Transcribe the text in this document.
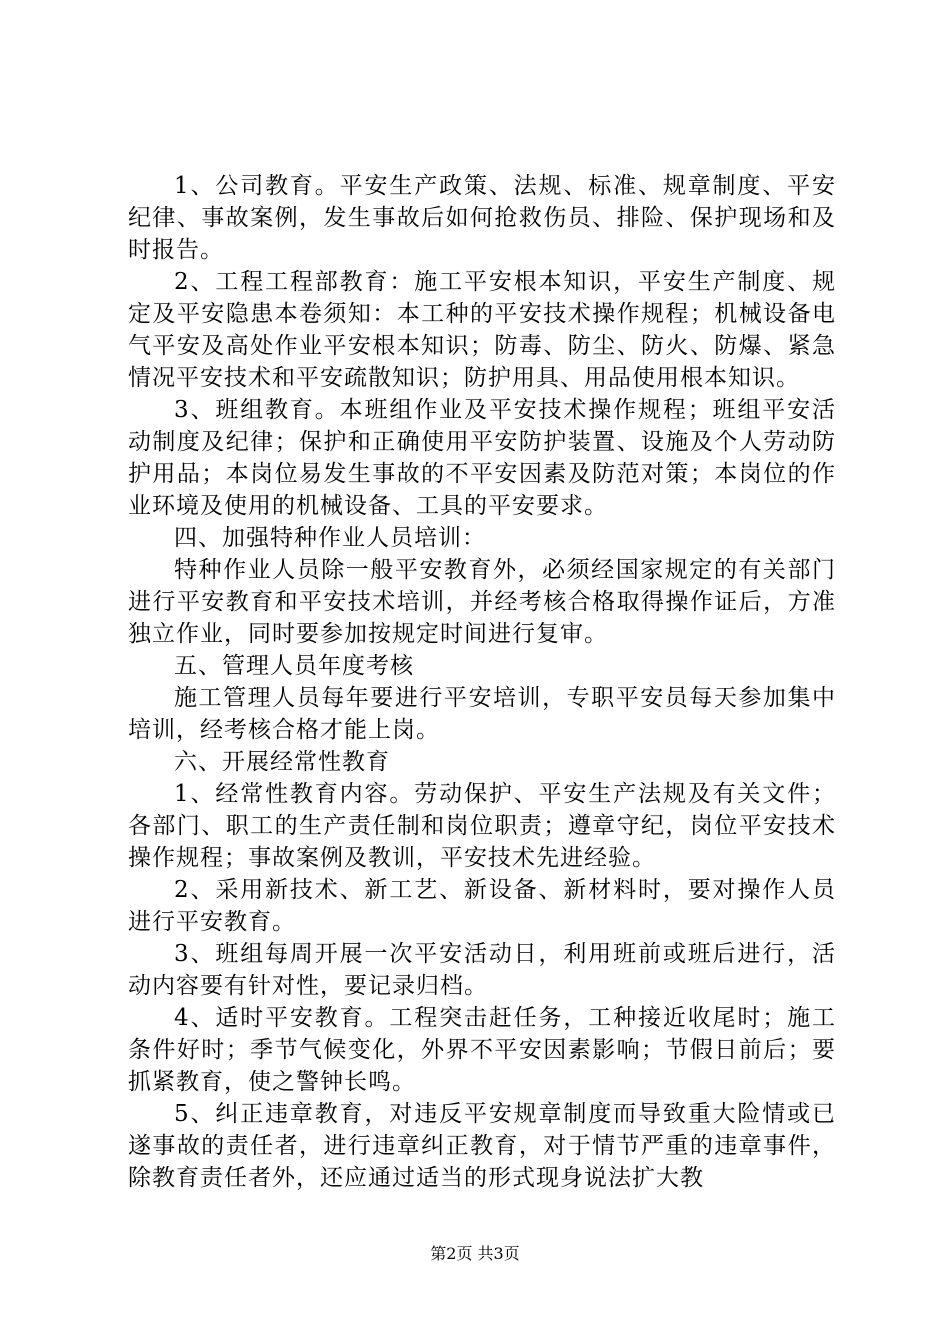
1、公司教育。平安生产政策、法规、标准、规章制度、平安纪律、事故案例，发生事故后如何抢救伤员、排险、保护现场和及时报告。

2、工程工程部教育：施工平安根本知识，平安生产制度、规定及平安隐患本卷须知：本工种的平安技术操作规程；机械设备电气平安及高处作业平安根本知识；防毒、防尘、防火、防爆、紧急情况平安技术和平安疏散知识；防护用具、用品使用根本知识。

3、班组教育。本班组作业及平安技术操作规程；班组平安活动制度及纪律；保护和正确使用平安防护装置、设施及个人劳动防护用品；本岗位易发生事故的不平安因素及防范对策；本岗位的作业环境及使用的机械设备、工具的平安要求。

四、加强特种作业人员培训：

特种作业人员除一般平安教育外，必须经国家规定的有关部门进行平安教育和平安技术培训，并经考核合格取得操作证后，方准独立作业，同时要参加按规定时间进行复审。

五、管理人员年度考核

施工管理人员每年要进行平安培训，专职平安员每天参加集中培训，经考核合格才能上岗。

六、开展经常性教育

1、经常性教育内容。劳动保护、平安生产法规及有关文件；各部门、职工的生产责任制和岗位职责；遵章守纪，岗位平安技术操作规程；事故案例及教训，平安技术先进经验。

2、采用新技术、新工艺、新设备、新材料时，要对操作人员进行平安教育。

3、班组每周开展一次平安活动日，利用班前或班后进行，活动内容要有针对性，要记录归档。

4、适时平安教育。工程突击赶任务，工种接近收尾时；施工条件好时；季节气候变化，外界不平安因素影响；节假日前后；要抓紧教育，使之警钟长鸣。

5、纠正违章教育，对违反平安规章制度而导致重大险情或已遂事故的责任者，进行违章纠正教育，对于情节严重的违章事件，除教育责任者外，还应通过适当的形式现身说法扩大教

第2页 共3页
